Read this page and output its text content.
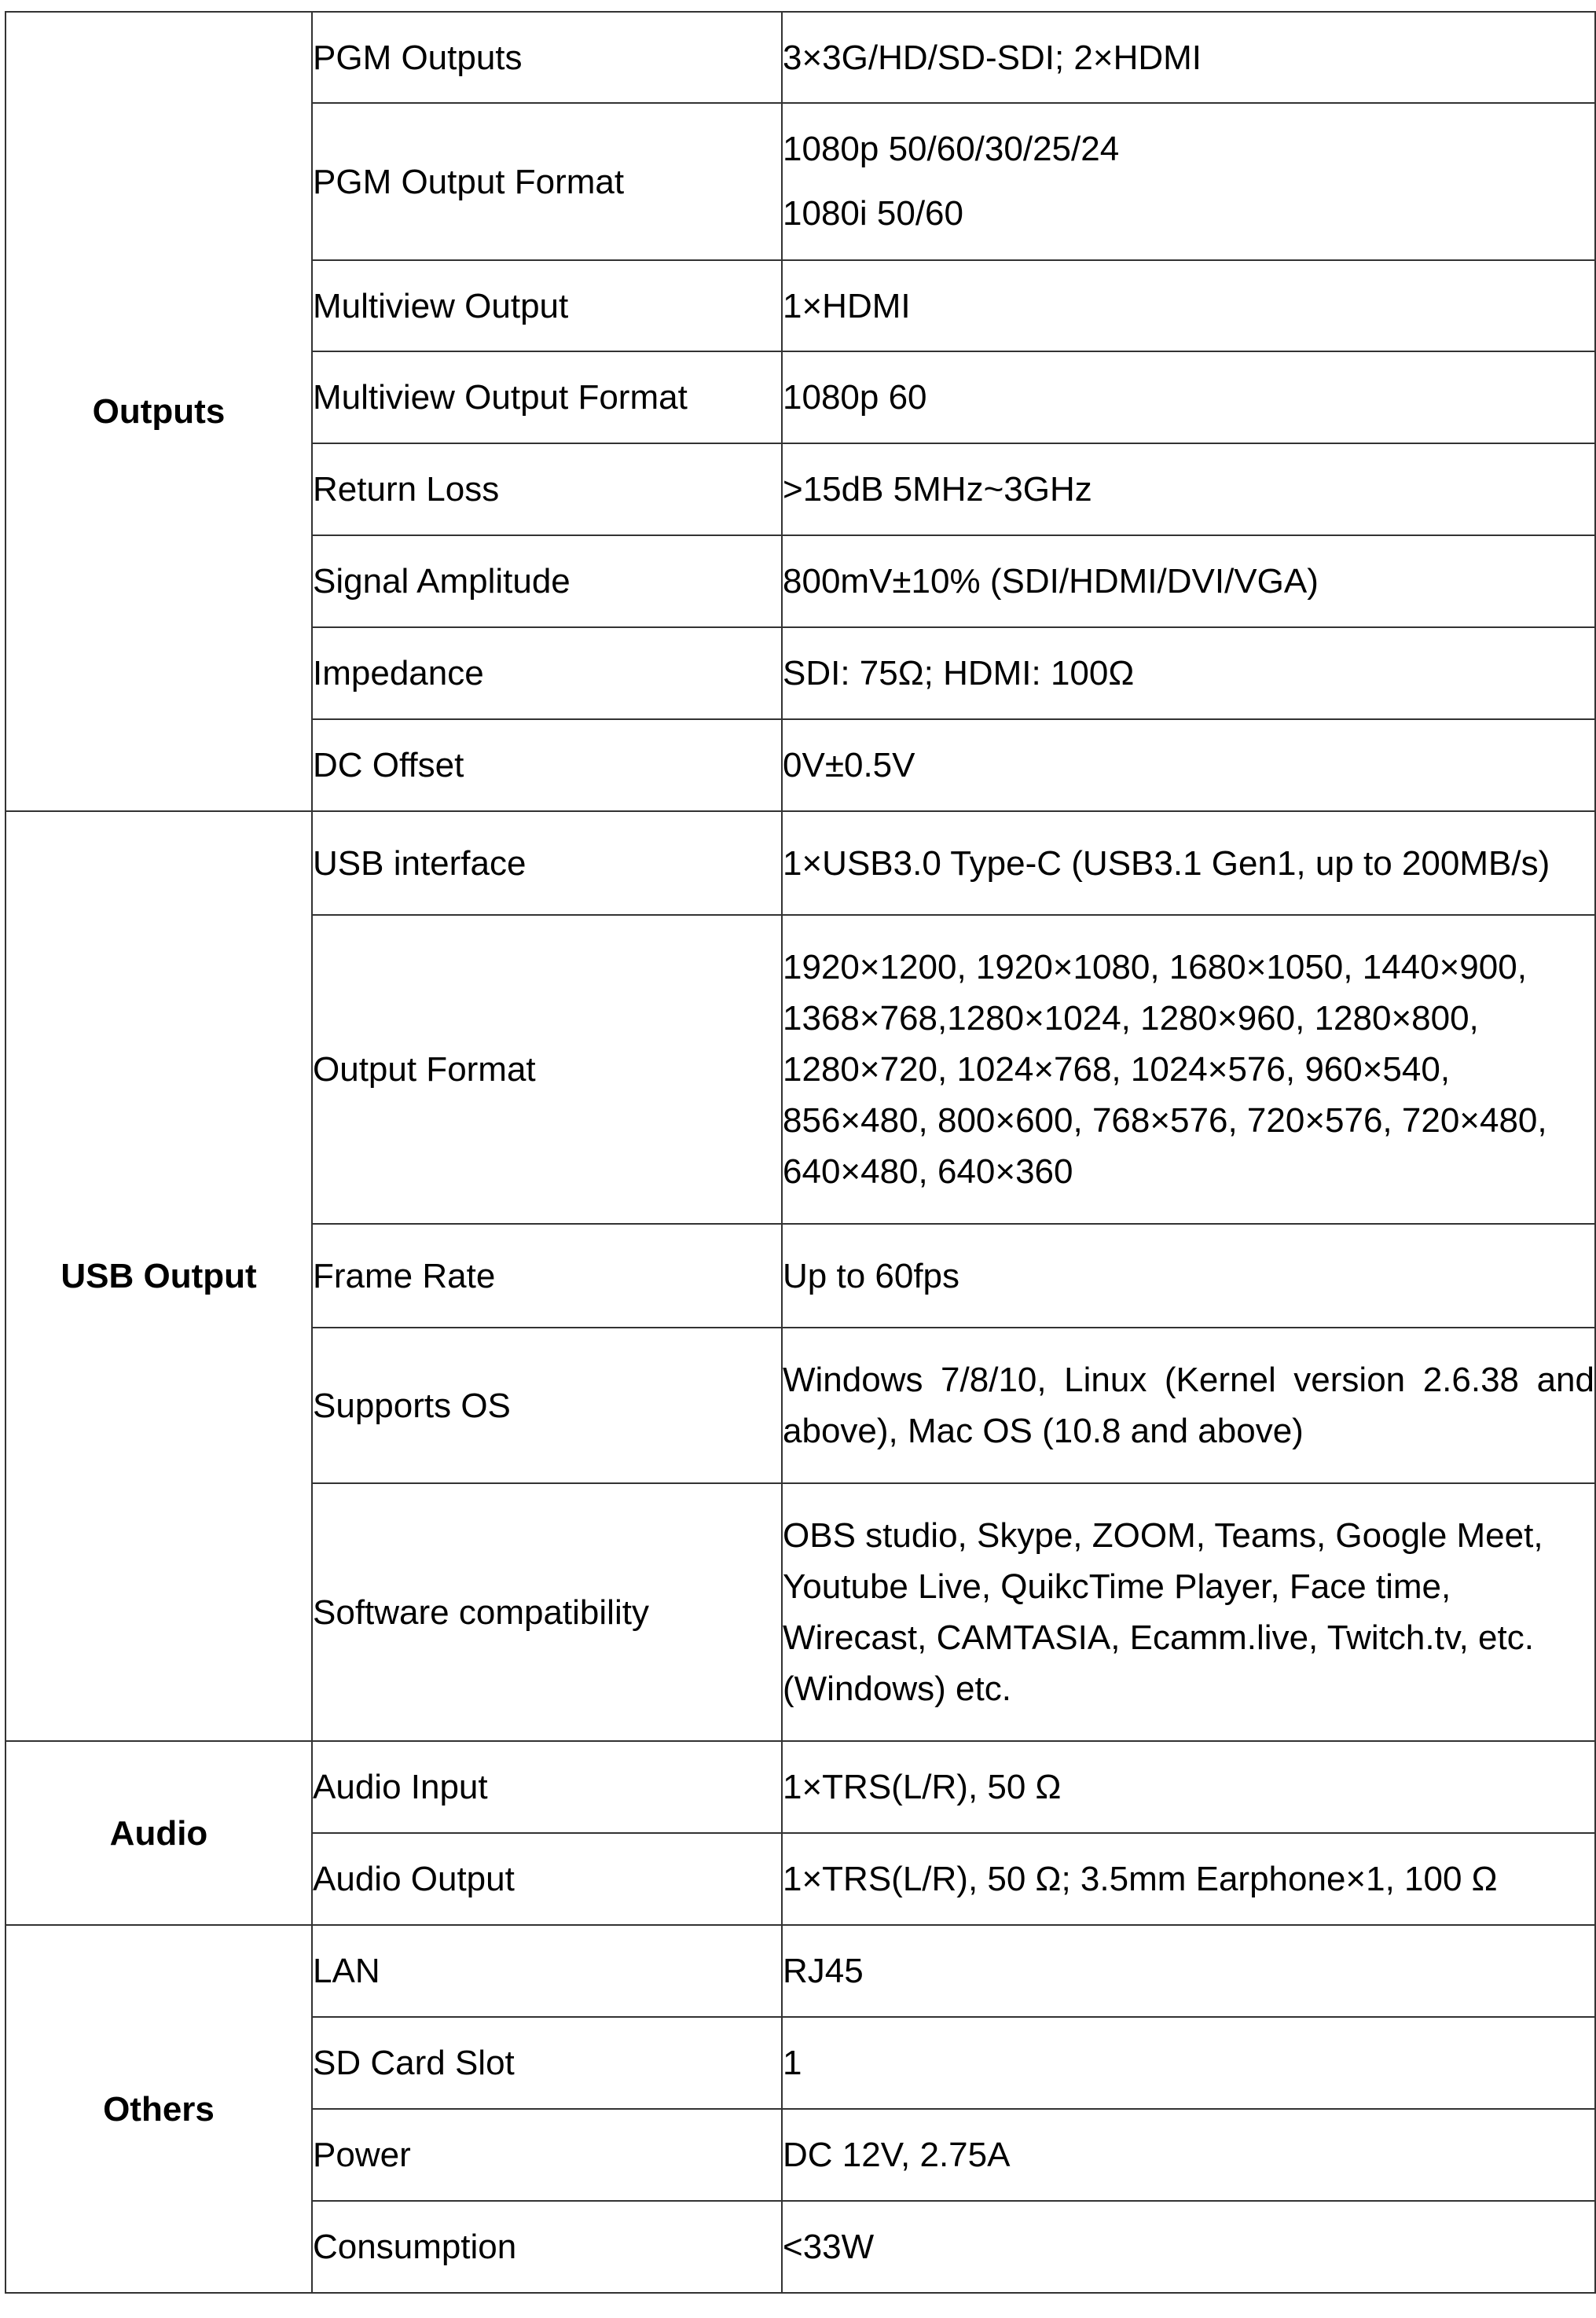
Outputs	PGM Outputs	3×3G/HD/SD-SDI; 2×HDMI

	PGM Output Format	1080p 50/60/30/25/24
1080i 50/60

	Multiview Output	1×HDMI

	Multiview Output Format	1080p 60

	Return Loss	>15dB 5MHz~3GHz

	Signal Amplitude	800mV±10% (SDI/HDMI/DVI/VGA)

	Impedance	SDI: 75Ω; HDMI: 100Ω

	DC Offset	0V±0.5V

USB Output	USB interface	1×USB3.0 Type-C (USB3.1 Gen1, up to 200MB/s)

	Output Format	1920×1200, 1920×1080, 1680×1050, 1440×900,
1368×768,1280×1024, 1280×960, 1280×800,
1280×720, 1024×768, 1024×576, 960×540,
856×480, 800×600, 768×576, 720×576, 720×480,
640×480, 640×360

	Frame Rate	Up to 60fps

	Supports OS	Windows 7/8/10, Linux (Kernel version 2.6.38 and
above), Mac OS (10.8 and above)

	Software compatibility	OBS studio, Skype, ZOOM, Teams, Google Meet,
Youtube Live, QuikcTime Player, Face time,
Wirecast, CAMTASIA, Ecamm.live, Twitch.tv, etc.
(Windows) etc.

Audio	Audio Input	1×TRS(L/R), 50 Ω

	Audio Output	1×TRS(L/R), 50 Ω; 3.5mm Earphone×1, 100 Ω

Others	LAN	RJ45

	SD Card Slot	1

	Power	DC 12V, 2.75A

	Consumption	<33W
